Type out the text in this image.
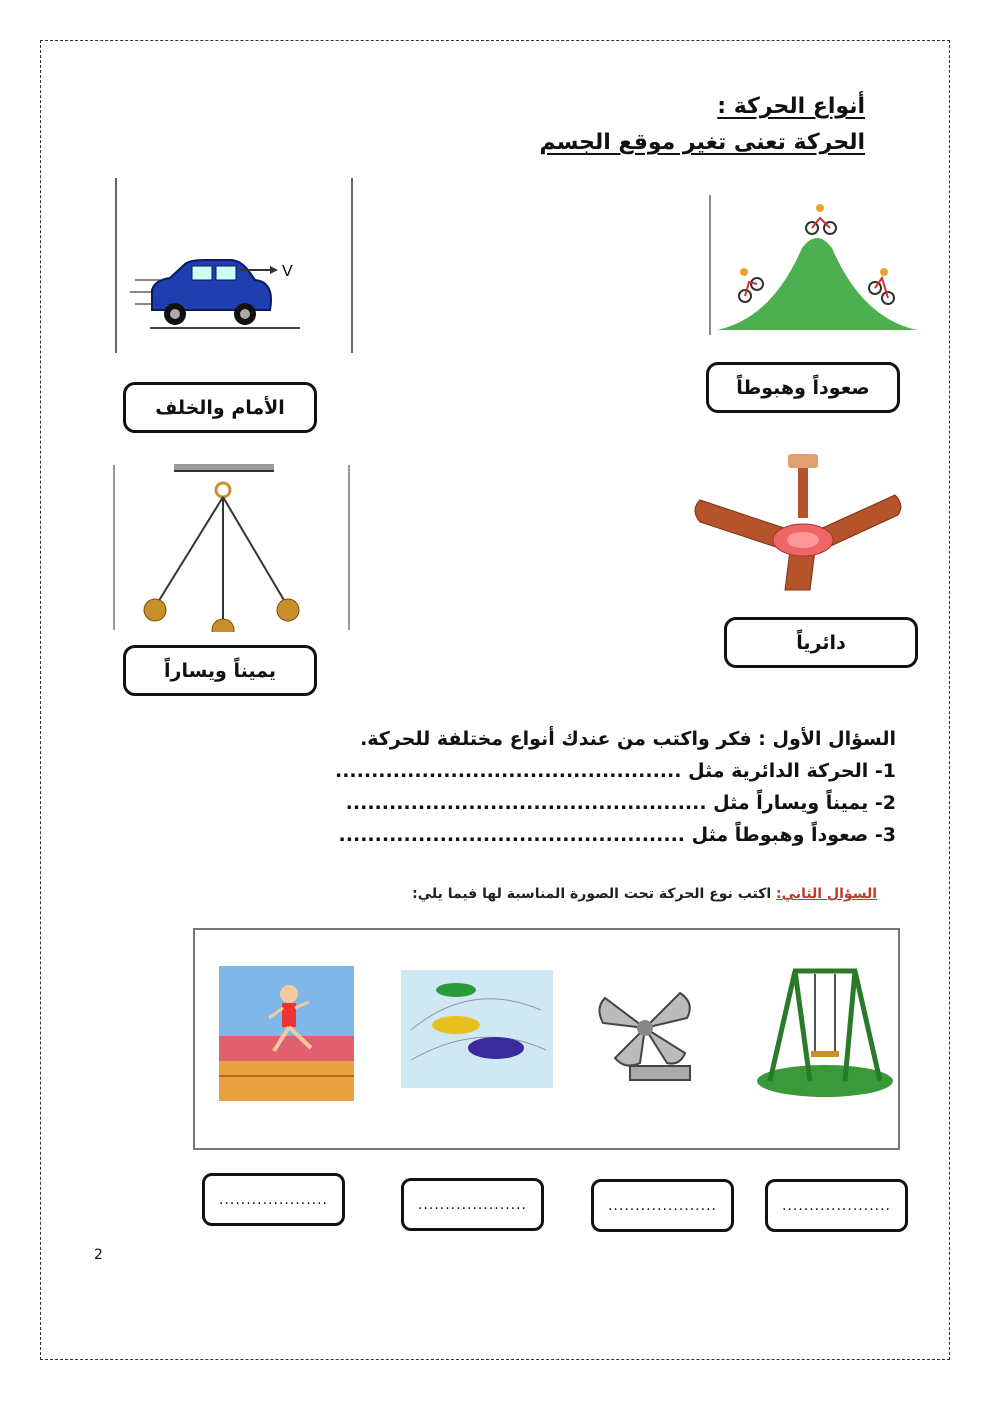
أنواع الحركة :
الحركة تعنى تغير موقع الجسم
V
الأمام والخلف
صعوداً وهبوطاً
يميناً ويساراً
دائرياً
السؤال الأول : فكر واكتب من عندك أنواع مختلفة للحركة.
1- الحركة الدائرية مثل ................................................
2- يميناً ويساراً مثل ..................................................
3- صعوداً وهبوطاً مثل ................................................
السؤال الثاني: اكتب نوع الحركة تحت الصورة المناسبة لها فيما يلي:
....................	....................	....................	....................
2
